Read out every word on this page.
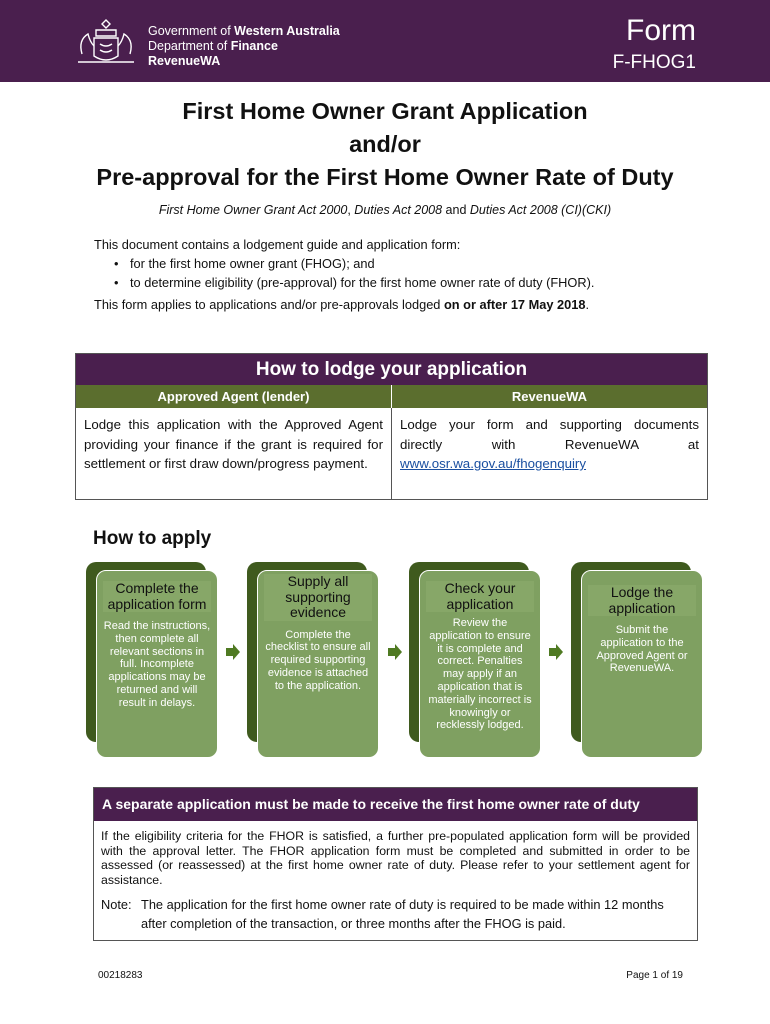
Government of Western Australia
Department of Finance
RevenueWA
Form
F-FHOG1
First Home Owner Grant Application
and/or
Pre-approval for the First Home Owner Rate of Duty
First Home Owner Grant Act 2000, Duties Act 2008 and Duties Act 2008 (CI)(CKI)
This document contains a lodgement guide and application form:
• for the first home owner grant (FHOG); and
• to determine eligibility (pre-approval) for the first home owner rate of duty (FHOR).
This form applies to applications and/or pre-approvals lodged on or after 17 May 2018.
How to lodge your application
Approved Agent (lender)	RevenueWA
Lodge this application with the Approved Agent providing your finance if the grant is required for settlement or first draw down/progress payment.
Lodge your form and supporting documents directly with RevenueWA at www.osr.wa.gov.au/fhogenquiry
How to apply
Complete the application form
Read the instructions, then complete all relevant sections in full. Incomplete applications may be returned and will result in delays.
Supply all supporting evidence
Complete the checklist to ensure all required supporting evidence is attached to the application.
Check your application
Review the application to ensure it is complete and correct. Penalties may apply if an application that is materially incorrect is knowingly or recklessly lodged.
Lodge the application
Submit the application to the Approved Agent or RevenueWA.
A separate application must be made to receive the first home owner rate of duty
If the eligibility criteria for the FHOR is satisfied, a further pre-populated application form will be provided with the approval letter. The FHOR application form must be completed and submitted in order to be assessed (or reassessed) at the first home owner rate of duty. Please refer to your settlement agent for assistance.
Note: The application for the first home owner rate of duty is required to be made within 12 months after completion of the transaction, or three months after the FHOG is paid.
00218283	Page 1 of 19
